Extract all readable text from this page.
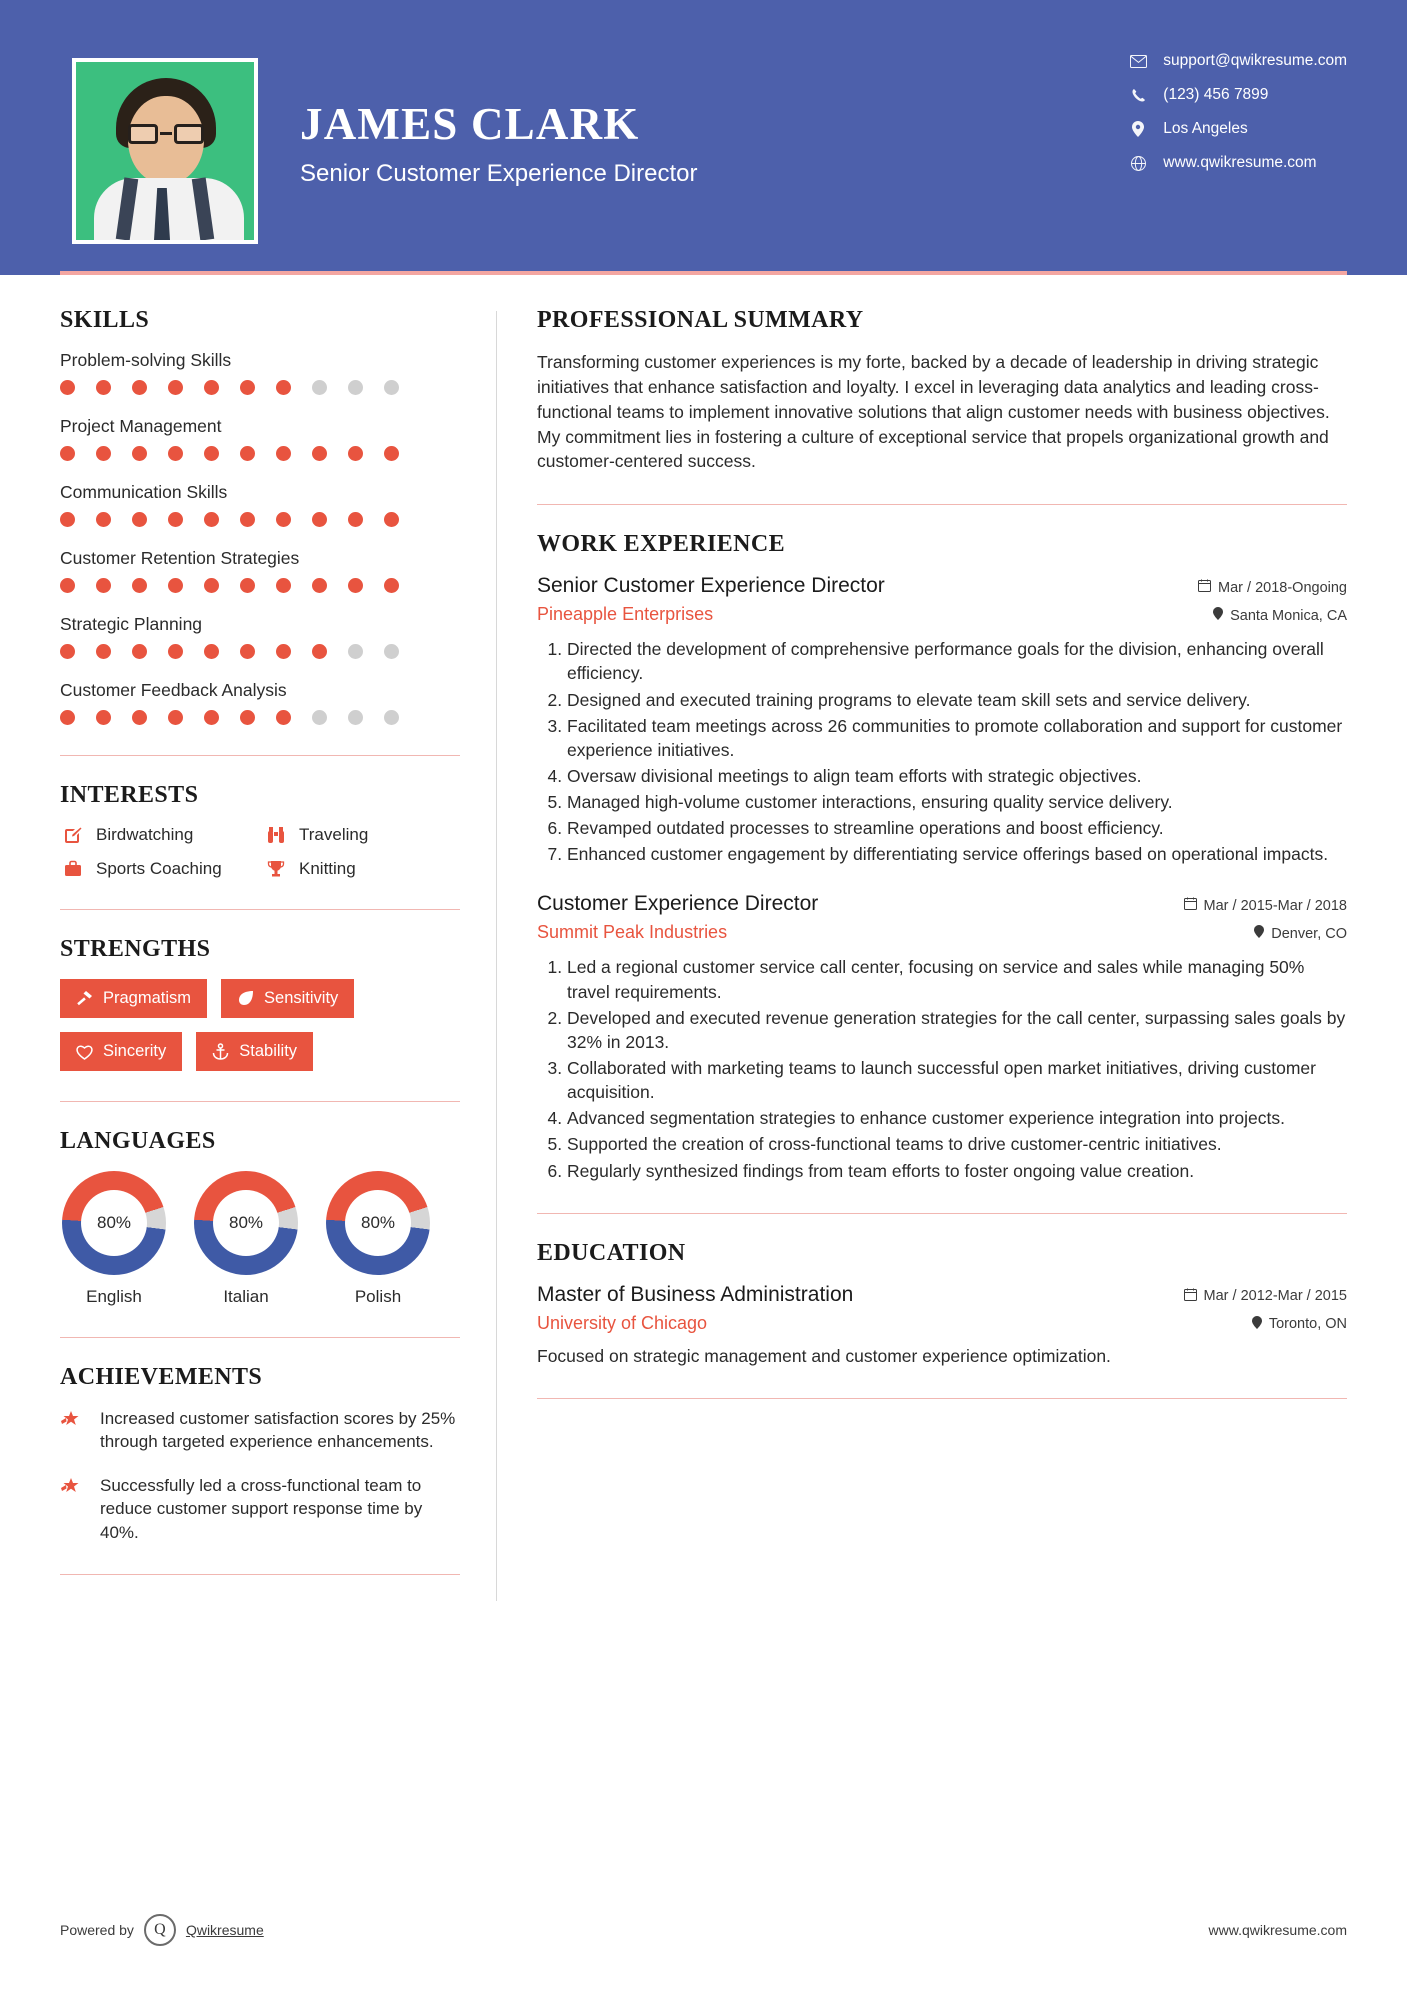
JAMES CLARK
Senior Customer Experience Director
support@qwikresume.com
(123) 456 7899
Los Angeles
www.qwikresume.com
SKILLS
Problem-solving Skills
Project Management
Communication Skills
Customer Retention Strategies
Strategic Planning
Customer Feedback Analysis
INTERESTS
Birdwatching	Traveling
Sports Coaching	Knitting
STRENGTHS
Pragmatism	Sensitivity
Sincerity	Stability
LANGUAGES
80%
English
80%
Italian
80%
Polish
ACHIEVEMENTS
Increased customer satisfaction scores by 25% through targeted experience enhancements.
Successfully led a cross-functional team to reduce customer support response time by 40%.
PROFESSIONAL SUMMARY
Transforming customer experiences is my forte, backed by a decade of leadership in driving strategic initiatives that enhance satisfaction and loyalty. I excel in leveraging data analytics and leading cross-functional teams to implement innovative solutions that align customer needs with business objectives. My commitment lies in fostering a culture of exceptional service that propels organizational growth and customer-centered success.
WORK EXPERIENCE
Senior Customer Experience Director	Mar / 2018-Ongoing
Pineapple Enterprises	Santa Monica, CA
1. Directed the development of comprehensive performance goals for the division, enhancing overall efficiency.
2. Designed and executed training programs to elevate team skill sets and service delivery.
3. Facilitated team meetings across 26 communities to promote collaboration and support for customer experience initiatives.
4. Oversaw divisional meetings to align team efforts with strategic objectives.
5. Managed high-volume customer interactions, ensuring quality service delivery.
6. Revamped outdated processes to streamline operations and boost efficiency.
7. Enhanced customer engagement by differentiating service offerings based on operational impacts.
Customer Experience Director	Mar / 2015-Mar / 2018
Summit Peak Industries	Denver, CO
1. Led a regional customer service call center, focusing on service and sales while managing 50% travel requirements.
2. Developed and executed revenue generation strategies for the call center, surpassing sales goals by 32% in 2013.
3. Collaborated with marketing teams to launch successful open market initiatives, driving customer acquisition.
4. Advanced segmentation strategies to enhance customer experience integration into projects.
5. Supported the creation of cross-functional teams to drive customer-centric initiatives.
6. Regularly synthesized findings from team efforts to foster ongoing value creation.
EDUCATION
Master of Business Administration	Mar / 2012-Mar / 2015
University of Chicago	Toronto, ON
Focused on strategic management and customer experience optimization.
Powered by	Q	Qwikresume	www.qwikresume.com
